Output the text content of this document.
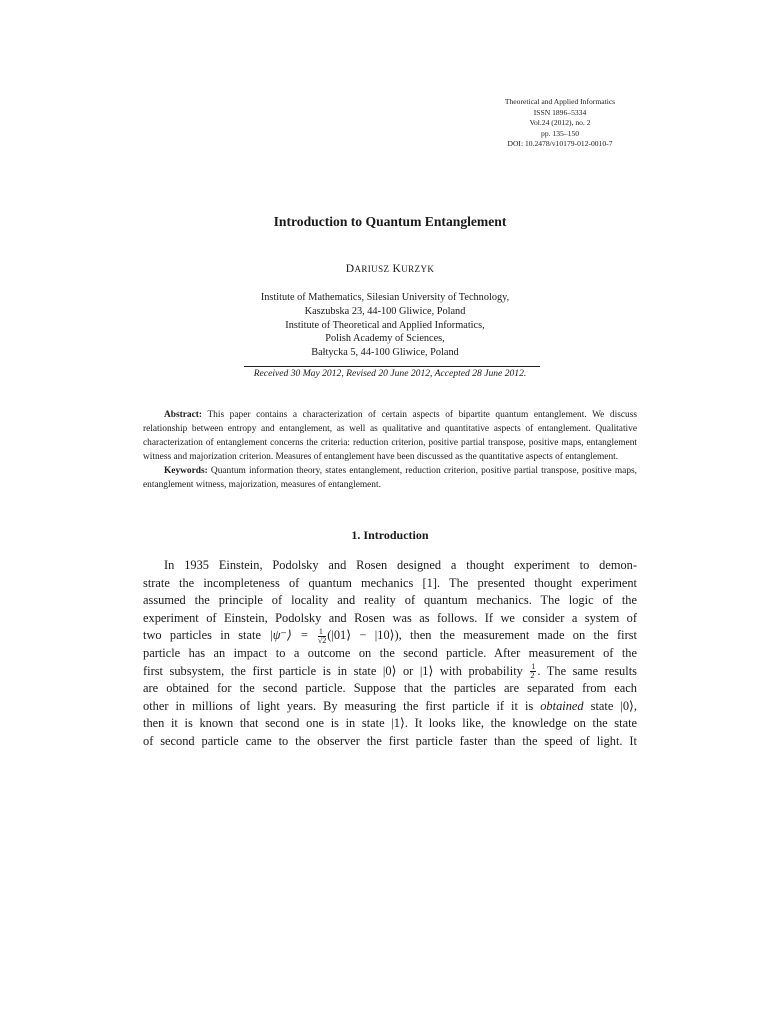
Theoretical and Applied Informatics
ISSN 1896–5334
Vol.24 (2012), no. 2
pp. 135–150
DOI: 10.2478/v10179-012-0010-7
Introduction to Quantum Entanglement
DARIUSZ KURZYK
Institute of Mathematics, Silesian University of Technology,
Kaszubska 23, 44-100 Gliwice, Poland
Institute of Theoretical and Applied Informatics,
Polish Academy of Sciences,
Bałtycka 5, 44-100 Gliwice, Poland
Received 30 May 2012, Revised 20 June 2012, Accepted 28 June 2012.

Abstract: This paper contains a characterization of certain aspects of bipartite quantum entanglement. We discuss relationship between entropy and entanglement, as well as qualitative and quantitative aspects of entanglement. Qualitative characterization of entanglement concerns the criteria: reduction criterion, positive partial transpose, positive maps, entanglement witness and majorization criterion. Measures of entanglement have been discussed as the quantitative aspects of entanglement.

Keywords: Quantum information theory, states entanglement, reduction criterion, positive partial transpose, positive maps, entanglement witness, majorization, measures of entanglement.

1. Introduction
In 1935 Einstein, Podolsky and Rosen designed a thought experiment to demon-
strate the incompleteness of quantum mechanics [1]. The presented thought experiment
assumed the principle of locality and reality of quantum mechanics. The logic of the
experiment of Einstein, Podolsky and Rosen was as follows. If we consider a system of
two particles in state |ψ⁻⟩ = $\frac{1}{√2}$ (|01⟩ − |10⟩), then the measurement made on the first
particle has an impact to a outcome on the second particle. After measurement of the
first subsystem, the first particle is in state |0⟩ or |1⟩ with probability $\frac{1}{2}$ . The same results
are obtained for the second particle. Suppose that the particles are separated from each
other in millions of light years. By measuring the first particle if it is obtained state |0⟩,
then it is known that second one is in state |1⟩. It looks like, the knowledge on the state
of second particle came to the observer the first particle faster than the speed of light. It
